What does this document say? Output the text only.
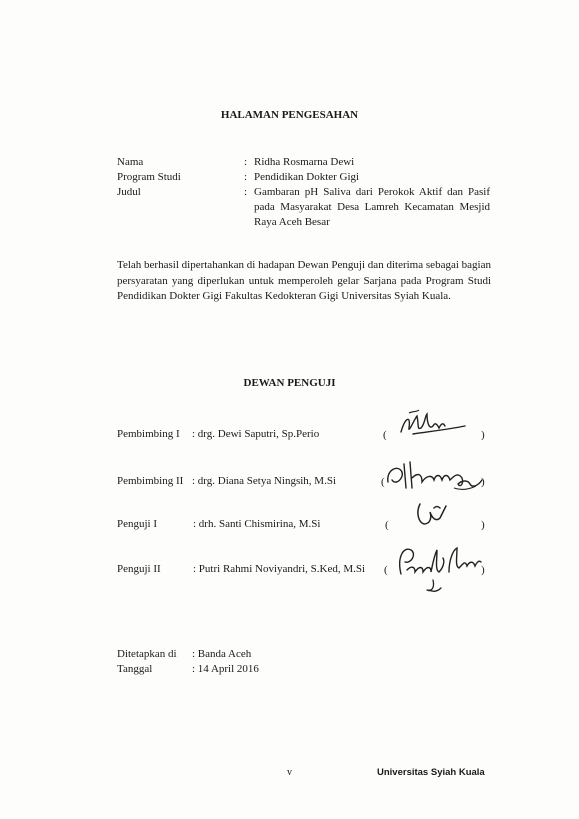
HALAMAN PENGESAHAN
Nama	: Ridha Rosmarna Dewi
Program Studi	: Pendidikan Dokter Gigi
Judul	: Gambaran pH Saliva dari Perokok Aktif dan Pasif pada Masyarakat Desa Lamreh Kecamatan Mesjid Raya Aceh Besar
Telah berhasil dipertahankan di hadapan Dewan Penguji dan diterima sebagai bagian persyaratan yang diperlukan untuk memperoleh gelar Sarjana pada Program Studi Pendidikan Dokter Gigi Fakultas Kedokteran Gigi Universitas Syiah Kuala.
DEWAN PENGUJI
Pembimbing I : drg. Dewi Saputri, Sp.Perio	(	)
Pembimbing II : drg. Diana Setya Ningsih, M.Si	(	)
Penguji I	: drh. Santi Chismirina, M.Si	(	)
Penguji II	: Putri Rahmi Noviyandri, S.Ked, M.Si (	)
Ditetapkan di : Banda Aceh
Tanggal	: 14 April 2016
v	Universitas Syiah Kuala
